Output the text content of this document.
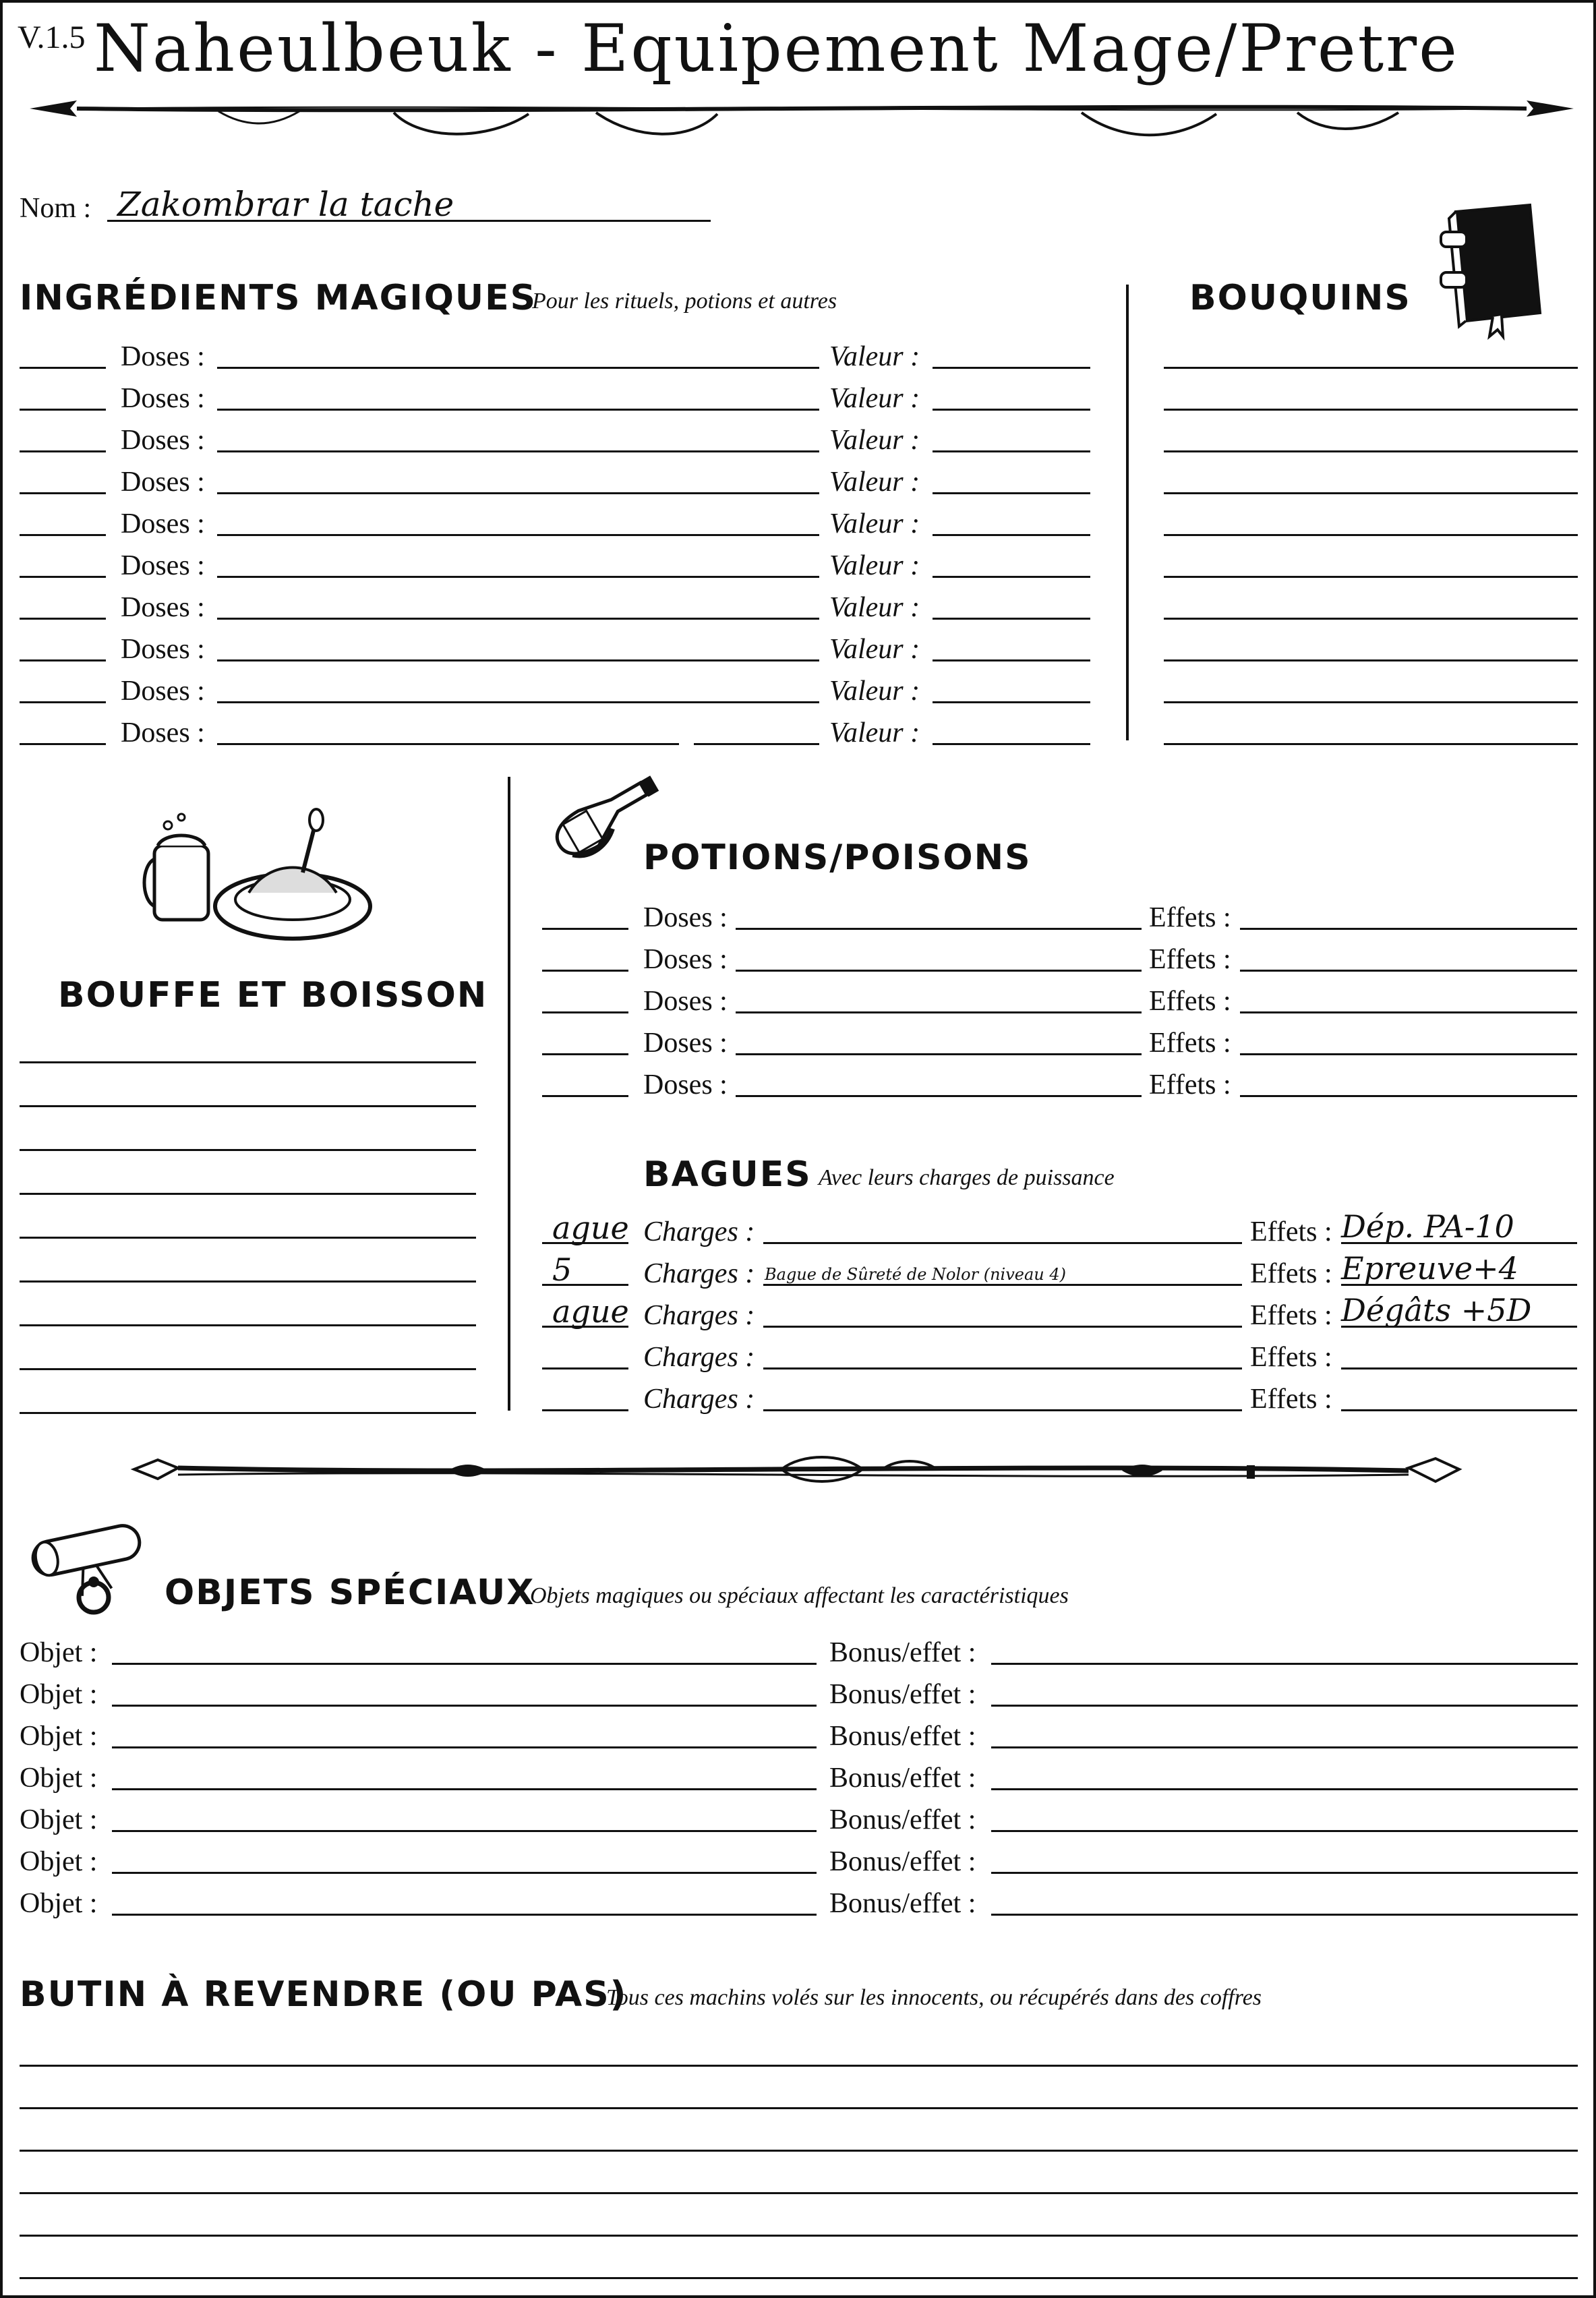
V.1.5 Naheulbeuk - Equipement Mage/Pretre
Nom : Zakombrar la tache
INGRÉDIENTS MAGIQUES
Pour les rituels, potions et autres
Doses :	Valeur :
Doses :	Valeur :
Doses :	Valeur :
Doses :	Valeur :
Doses :	Valeur :
Doses :	Valeur :
Doses :	Valeur :
Doses :	Valeur :
Doses :	Valeur :
Doses :	Valeur :
BOUQUINS
BOUFFE ET BOISSON
POTIONS/POISONS
Doses :	Effets :
Doses :	Effets :
Doses :	Effets :
Doses :	Effets :
Doses :	Effets :
BAGUES Avec leurs charges de puissance
ague Charges :	Effets : Dép. PA-10
5	Charges : Bague de Sûreté de Nolor (niveau 4)	Effets : Epreuve+4
ague Charges :	Effets : Dégâts +5D
Charges :	Effets :
Charges :	Effets :
OBJETS SPÉCIAUX
Objets magiques ou spéciaux affectant les caractéristiques
Objet :	Bonus/effet :
Objet :	Bonus/effet :
Objet :	Bonus/effet :
Objet :	Bonus/effet :
Objet :	Bonus/effet :
Objet :	Bonus/effet :
Objet :	Bonus/effet :
BUTIN À REVENDRE (OU PAS)
Tous ces machins volés sur les innocents, ou récupérés dans des coffres
